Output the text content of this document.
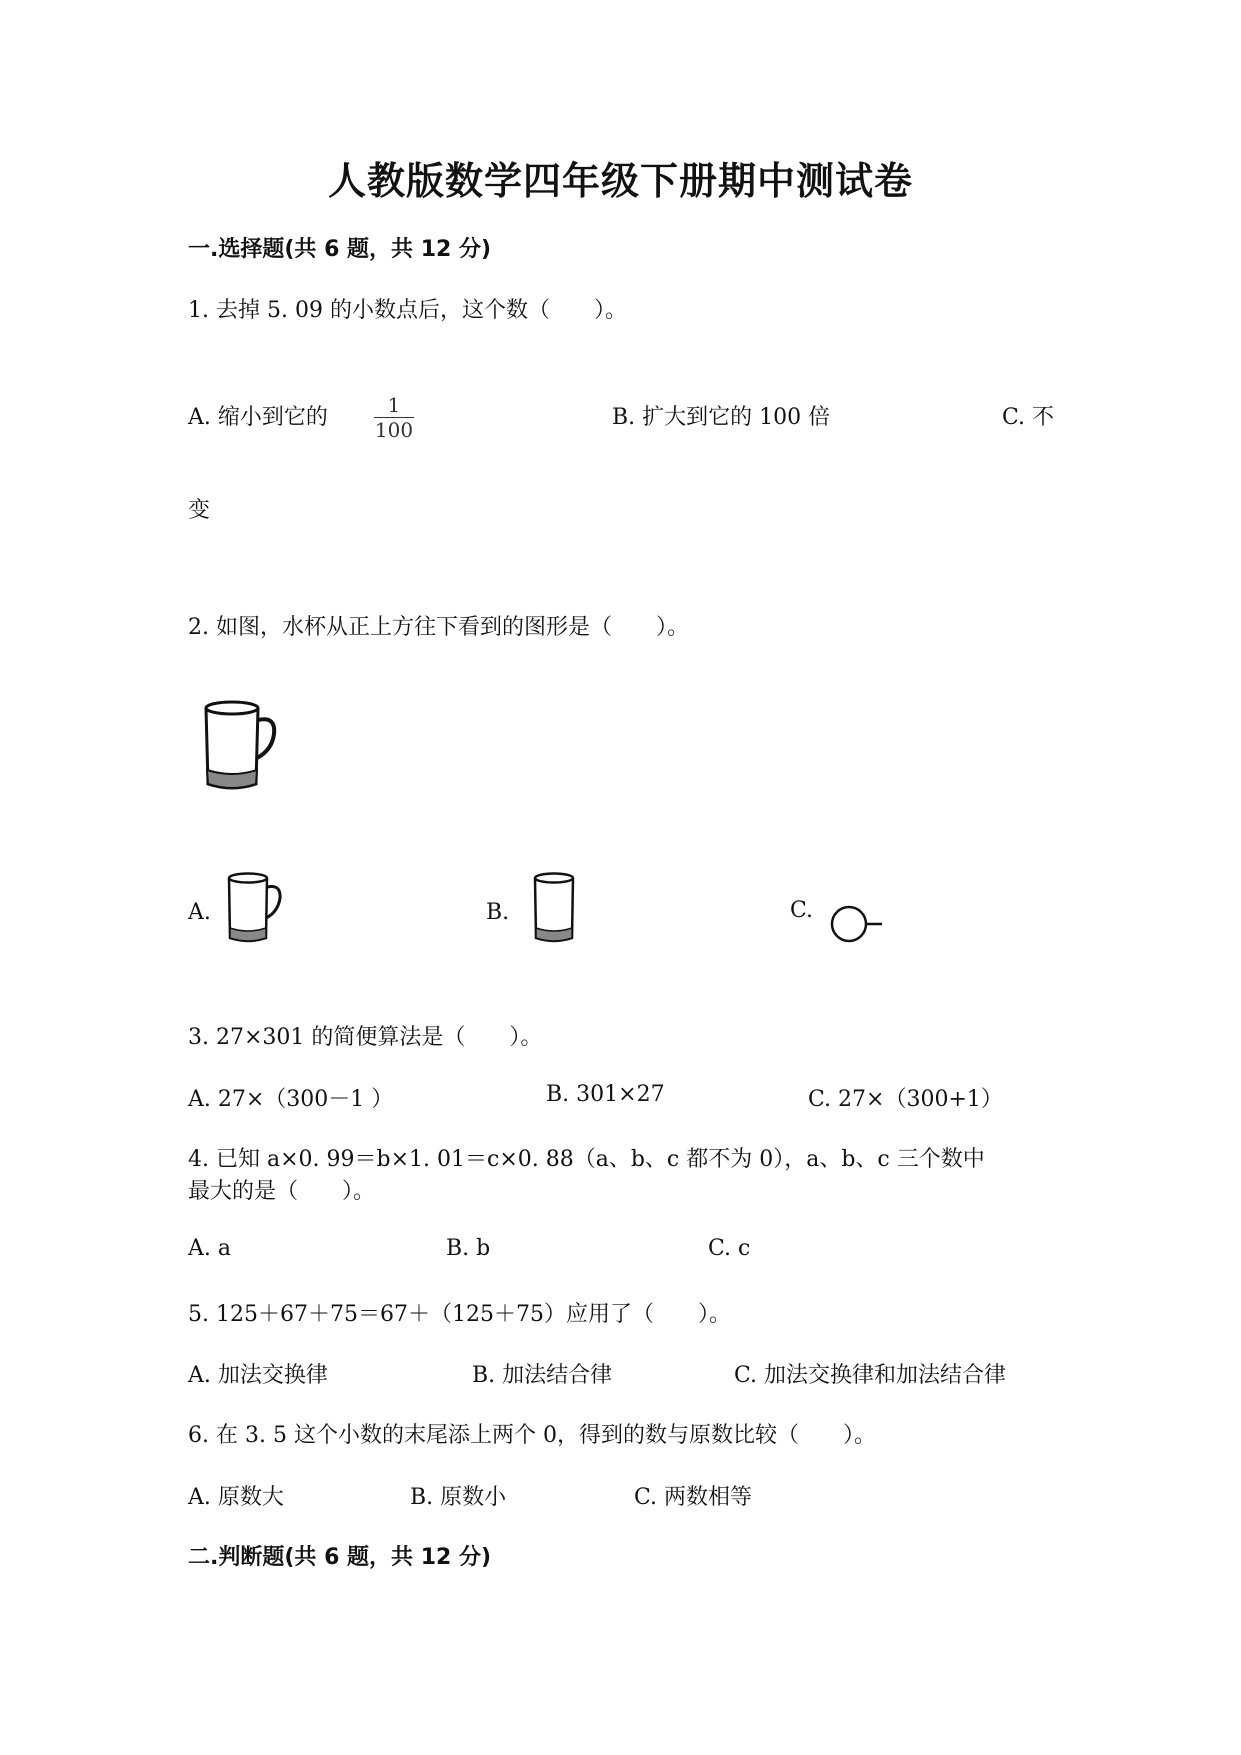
人教版数学四年级下册期中测试卷
一.选择题(共 6 题，共 12 分)
1. 去掉 5. 09 的小数点后，这个数（　　）。
A. 缩小到它的	1
100	B. 扩大到它的 100 倍	C. 不
变
2. 如图，水杯从正上方往下看到的图形是（　　）。
A.	B.	C.
3. 27×301 的简便算法是（　　）。
A. 27×（300－1 ）	B. 301×27	C. 27×（300+1）
4. 已知 a×0. 99＝b×1. 01＝c×0. 88（a、b、c 都不为 0），a、b、c 三个数中
最大的是（　　）。
A. a	B. b	C. c
5. 125＋67＋75＝67＋（125＋75）应用了（　　）。
A. 加法交换律	B. 加法结合律	C. 加法交换律和加法结合律
6. 在 3. 5 这个小数的末尾添上两个 0，得到的数与原数比较（　　）。
A. 原数大	B. 原数小	C. 两数相等
二.判断题(共 6 题，共 12 分)
